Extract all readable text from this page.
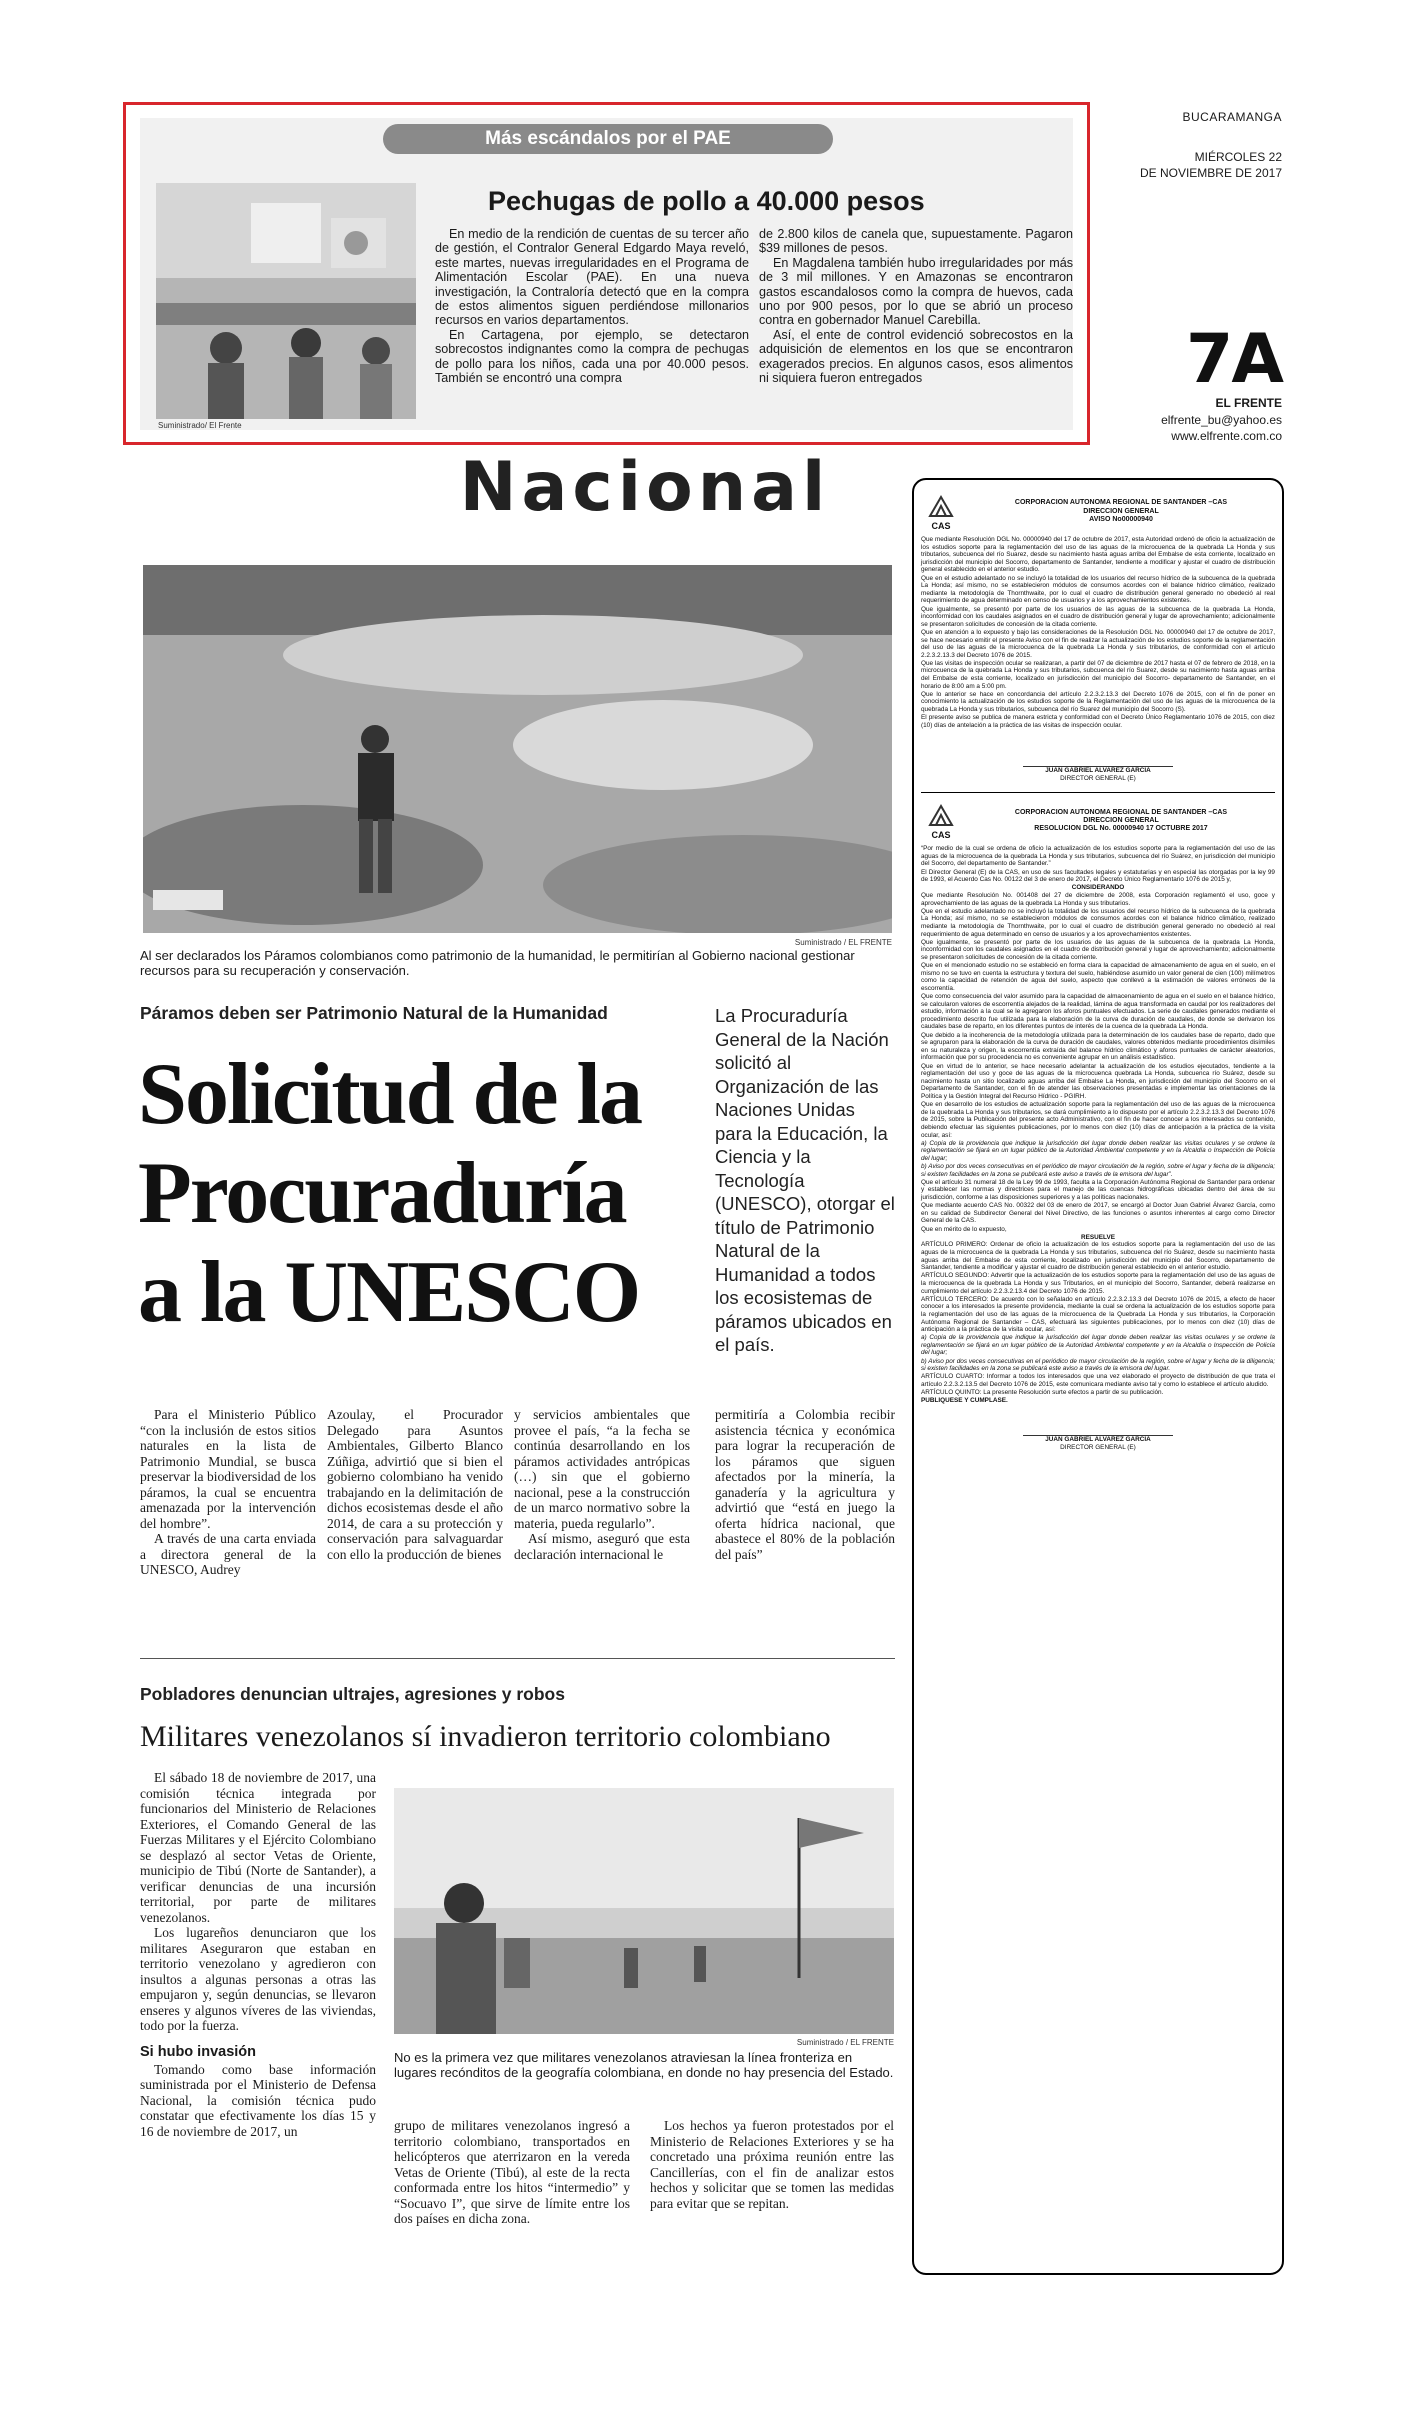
Más escándalos por el PAE
Suministrado/ El Frente
Pechugas de pollo a 40.000 pesos

En medio de la rendición de cuentas de su tercer año de gestión, el Contralor General Edgardo Maya reveló, este martes, nuevas irregularidades en el Programa de Alimentación Escolar (PAE). En una nueva investigación, la Contraloría detectó que en la compra de estos alimentos siguen perdiéndose millonarios recursos en varios departamentos.

En Cartagena, por ejemplo, se detectaron sobrecostos indignantes como la compra de pechugas de pollo para los niños, cada una por 40.000 pesos. También se encontró una compra

de 2.800 kilos de canela que, supuestamente. Pagaron $39 millones de pesos.

En Magdalena también hubo irregularidades por más de 3 mil millones. Y en Amazonas se encontraron gastos escandalosos como la compra de huevos, cada uno por 900 pesos, por lo que se abrió un proceso contra en gobernador Manuel Carebilla.

Así, el ente de control evidenció sobrecostos en la adquisición de elementos en los que se encontraron exagerados precios. En algunos casos, esos alimentos ni siquiera fueron entregados

BUCARAMANGA
MIÉRCOLES 22
DE NOVIEMBRE DE 2017
7A
EL FRENTE
elfrente_bu@yahoo.es
www.elfrente.com.co
Nacional
Suministrado / EL FRENTE
Al ser declarados los Páramos colombianos como patrimonio de la humanidad, le permitirían al Gobierno nacional gestionar recursos para su recuperación y conservación.
Páramos deben ser Patrimonio Natural de la Humanidad
Solicitud de la
Procuraduría
a la UNESCO
La Procuraduría General de la Nación solicitó al Organización de las Naciones Unidas para la Educación, la Ciencia y la Tecnología (UNESCO), otorgar el título de Patrimonio Natural de la Humanidad a todos los ecosistemas de páramos ubicados en el país.

Para el Ministerio Público “con la inclusión de estos sitios naturales en la lista de Patrimonio Mundial, se busca preservar la biodiversidad de los páramos, la cual se encuentra amenazada por la intervención del hombre”.

A través de una carta enviada a directora general de la UNESCO, Audrey

Azoulay, el Procurador Delegado para Asuntos Ambientales, Gilberto Blanco Zúñiga, advirtió que si bien el gobierno colombiano ha venido trabajando en la delimitación de dichos ecosistemas desde el año 2014, de cara a su protección y conservación para salvaguardar con ello la producción de bienes

y servicios ambientales que provee el país, “a la fecha se continúa desarrollando en los páramos actividades antrópicas (…) sin que el gobierno nacional, pese a la construcción de un marco normativo sobre la materia, pueda regularlo”.

Así mismo, aseguró que esta declaración internacional le

permitiría a Colombia recibir asistencia técnica y económica para lograr la recuperación de los páramos que siguen afectados por la minería, la ganadería y la agricultura y advirtió que “está en juego la oferta hídrica nacional, que abastece el 80% de la población del país”

Pobladores denuncian ultrajes, agresiones y robos
Militares venezolanos sí invadieron territorio colombiano

El sábado 18 de noviembre de 2017, una comisión técnica integrada por funcionarios del Ministerio de Relaciones Exteriores, el Comando General de las Fuerzas Militares y el Ejército Colombiano se desplazó al sector Vetas de Oriente, municipio de Tibú (Norte de Santander), a verificar denuncias de una incursión territorial, por parte de militares venezolanos.

Los lugareños denunciaron que los militares Aseguraron que estaban en territorio venezolano y agredieron con insultos a algunas personas a otras las empujaron y, según denuncias, se llevaron enseres y algunos víveres de las viviendas, todo por la fuerza.

Si hubo invasión

Tomando como base información suministrada por el Ministerio de Defensa Nacional, la comisión técnica pudo constatar que efectivamente los días 15 y 16 de noviembre de 2017, un

Suministrado / EL FRENTE
No es la primera vez que militares venezolanos atraviesan la línea fronteriza en lugares recónditos de la geografía colombiana, en donde no hay presencia del Estado.

grupo de militares venezolanos ingresó a territorio colombiano, transportados en helicópteros que aterrizaron en la vereda Vetas de Oriente (Tibú), al este de la recta conformada entre los hitos “intermedio” y “Socuavo I”, que sirve de límite entre los dos países en dicha zona.

Los hechos ya fueron protestados por el Ministerio de Relaciones Exteriores y se ha concretado una próxima reunión entre las Cancillerías, con el fin de analizar estos hechos y solicitar que se tomen las medidas para evitar que se repitan.

CAS
CORPORACION AUTONOMA REGIONAL DE SANTANDER –CAS
DIRECCION GENERAL
AVISO No00000940

Que mediante Resolución DGL No. 00000940 del 17 de octubre de 2017, esta Autoridad ordenó de oficio la actualización de los estudios soporte para la reglamentación del uso de las aguas de la microcuenca de la quebrada La Honda y sus tributarios, subcuenca del río Suarez, desde su nacimiento hasta aguas arriba del Embalse de esta corriente, localizado en jurisdicción del municipio del Socorro, departamento de Santander, tendiente a modificar y ajustar el cuadro de distribución general establecido en el anterior estudio.

Que en el estudio adelantado no se incluyó la totalidad de los usuarios del recurso hídrico de la subcuenca de la quebrada La Honda; así mismo, no se establecieron módulos de consumos acordes con el balance hídrico climático, realizado mediante la metodología de Thornthwaite, por lo cual el cuadro de distribución general generado no obedeció al real requerimiento de agua determinado en censo de usuarios y a los aprovechamientos existentes.

Que igualmente, se presentó por parte de los usuarios de las aguas de la subcuenca de la quebrada La Honda, inconformidad con los caudales asignados en el cuadro de distribución general y lugar de aprovechamiento; adicionalmente se presentaron solicitudes de concesión de la citada corriente.

Que en atención a lo expuesto y bajo las consideraciones de la Resolución DGL No. 00000940 del 17 de octubre de 2017, se hace necesario emitir el presente Aviso con el fin de realizar la actualización de los estudios soporte de la reglamentación del uso de las aguas de la microcuenca de la quebrada La Honda y sus tributarios, de conformidad con el artículo 2.2.3.2.13.3 del Decreto 1076 de 2015.

Que las visitas de inspección ocular se realizaran, a partir del 07 de diciembre de 2017 hasta el 07 de febrero de 2018, en la microcuenca de la quebrada La Honda y sus tributarios, subcuenca del río Suarez, desde su nacimiento hasta aguas arriba del Embalse de esta corriente, localizado en jurisdicción del municipio del Socorro- departamento de Santander, en el horario de 8:00 am a 5:00 pm.

Que lo anterior se hace en concordancia del artículo 2.2.3.2.13.3 del Decreto 1076 de 2015, con el fin de poner en conocimiento la actualización de los estudios soporte de la Reglamentación del uso de las aguas de la microcuenca de la quebrada La Honda y sus tributarios, subcuenca del río Suarez del municipio del Socorro (S).

El presente aviso se publica de manera estricta y conformidad con el Decreto Único Reglamentario 1076 de 2015, con diez (10) días de antelación a la práctica de las visitas de inspección ocular.

JUAN GABRIEL ALVAREZ GARCIA
DIRECTOR GENERAL (E)
CAS
CORPORACION AUTONOMA REGIONAL DE SANTANDER –CAS
DIRECCION GENERAL
RESOLUCION DGL No. 00000940 17 OCTUBRE 2017

“Por medio de la cual se ordena de oficio la actualización de los estudios soporte para la reglamentación del uso de las aguas de la microcuenca de la quebrada La Honda y sus tributarios, subcuenca del río Suárez, en jurisdicción del municipio del Socorro, del departamento de Santander.”

El Director General (E) de la CAS, en uso de sus facultades legales y estatutarias y en especial las otorgadas por la ley 99 de 1993, el Acuerdo Cas No. 00122 del 3 de enero de 2017, el Decreto Único Reglamentario 1076 de 2015 y,

CONSIDERANDO

Que mediante Resolución No. 001408 del 27 de diciembre de 2008, esta Corporación reglamentó el uso, goce y aprovechamiento de las aguas de la quebrada La Honda y sus tributarios.

Que en el estudio adelantado no se incluyó la totalidad de los usuarios del recurso hídrico de la subcuenca de la quebrada La Honda; así mismo, no se establecieron módulos de consumos acordes con el balance hídrico climático, realizado mediante la metodología de Thornthwaite, por lo cual el cuadro de distribución general generado no obedeció al real requerimiento de agua determinado en censo de usuarios y a los aprovechamientos existentes.

Que igualmente, se presentó por parte de los usuarios de las aguas de la subcuenca de la quebrada La Honda, inconformidad con los caudales asignados en el cuadro de distribución general y lugar de aprovechamiento; adicionalmente se presentaron solicitudes de concesión de la citada corriente.

Que en el mencionado estudio no se estableció en forma clara la capacidad de almacenamiento de agua en el suelo, en el mismo no se tuvo en cuenta la estructura y textura del suelo, habiéndose asumido un valor general de cien (100) milímetros como la capacidad de retención de agua del suelo, aspecto que conllevó a la estimación de valores erróneos de la escorrentía.

Que como consecuencia del valor asumido para la capacidad de almacenamiento de agua en el suelo en el balance hídrico, se calcularon valores de escorrentía alejados de la realidad, lámina de agua transformada en caudal por los realizadores del estudio, información a la cual se le agregaron los aforos puntuales efectuados. La serie de caudales generados mediante el procedimiento descrito fue utilizada para la elaboración de la curva de duración de caudales, de donde se derivaron los caudales base de reparto, en los diferentes puntos de interés de la cuenca de la quebrada La Honda.

Que debido a la incoherencia de la metodología utilizada para la determinación de los caudales base de reparto, dado que se agruparon para la elaboración de la curva de duración de caudales, valores obtenidos mediante procedimientos disímiles en su naturaleza y origen, la escorrentía extraída del balance hídrico climático y aforos puntuales de carácter aleatorios, información que por su procedencia no es conveniente agrupar en un análisis estadístico.

Que en virtud de lo anterior, se hace necesario adelantar la actualización de los estudios ejecutados, tendiente a la reglamentación del uso y goce de las aguas de la microcuenca quebrada La Honda, subcuenca río Suárez, desde su nacimiento hasta un sitio localizado aguas arriba del Embalse La Honda, en jurisdicción del municipio del Socorro en el Departamento de Santander, con el fin de atender las observaciones presentadas e implementar las orientaciones de la Política y la Gestión Integral del Recurso Hídrico - PGIRH.

Que en desarrollo de los estudios de actualización soporte para la reglamentación del uso de las aguas de la microcuenca de la quebrada La Honda y sus tributarios, se dará cumplimiento a lo dispuesto por el artículo 2.2.3.2.13.3 del Decreto 1076 de 2015, sobre la Publicación del presente acto Administrativo, con el fin de hacer conocer a los interesados su contenido, debiendo efectuar las siguientes publicaciones, por lo menos con diez (10) días de anticipación a la práctica de la visita ocular, así:

a) Copia de la providencia que indique la jurisdicción del lugar donde deben realizar las visitas oculares y se ordene la reglamentación se fijará en un lugar público de la Autoridad Ambiental competente y en la Alcaldía o Inspección de Policía del lugar;

b) Aviso por dos veces consecutivas en el periódico de mayor circulación de la región, sobre el lugar y fecha de la diligencia; si existen facilidades en la zona se publicará este aviso a través de la emisora del lugar”.

Que el artículo 31 numeral 18 de la Ley 99 de 1993, faculta a la Corporación Autónoma Regional de Santander para ordenar y establecer las normas y directrices para el manejo de las cuencas hidrográficas ubicadas dentro del área de su jurisdicción, conforme a las disposiciones superiores y a las políticas nacionales.

Que mediante acuerdo CAS No. 00322 del 03 de enero de 2017, se encargó al Doctor Juan Gabriel Álvarez García, como en su calidad de Subdirector General del Nivel Directivo, de las funciones o asuntos inherentes al cargo como Director General de la CAS.

Que en mérito de lo expuesto,

RESUELVE

ARTÍCULO PRIMERO: Ordenar de oficio la actualización de los estudios soporte para la reglamentación del uso de las aguas de la microcuenca de la quebrada La Honda y sus tributarios, subcuenca del río Suárez, desde su nacimiento hasta aguas arriba del Embalse de esta corriente, localizado en jurisdicción del municipio del Socorro, departamento de Santander, tendiente a modificar y ajustar el cuadro de distribución general establecido en el anterior estudio.

ARTÍCULO SEGUNDO: Advertir que la actualización de los estudios soporte para la reglamentación del uso de las aguas de la microcuenca de la quebrada La Honda y sus Tributarios, en el municipio del Socorro, Santander, deberá realizarse en cumplimiento del artículo 2.2.3.2.13.4 del Decreto 1076 de 2015.

ARTÍCULO TERCERO: De acuerdo con lo señalado en artículo 2.2.3.2.13.3 del Decreto 1076 de 2015, a efecto de hacer conocer a los interesados la presente providencia, mediante la cual se ordena la actualización de los estudios soporte para la reglamentación del uso de las aguas de la microcuenca de la Quebrada La Honda y sus tributarios, la Corporación Autónoma Regional de Santander – CAS, efectuará las siguientes publicaciones, por lo menos con diez (10) días de anticipación a la práctica de la visita ocular, así:

a) Copia de la providencia que indique la jurisdicción del lugar donde deben realizar las visitas oculares y se ordene la reglamentación se fijará en un lugar público de la Autoridad Ambiental competente y en la Alcaldía o Inspección de Policía del lugar;

b) Aviso por dos veces consecutivas en el periódico de mayor circulación de la región, sobre el lugar y fecha de la diligencia; si existen facilidades en la zona se publicará este aviso a través de la emisora del lugar.

ARTÍCULO CUARTO: Informar a todos los interesados que una vez elaborado el proyecto de distribución de que trata el artículo 2.2.3.2.13.5 del Decreto 1076 de 2015, este comunicara mediante aviso tal y como lo establece el artículo aludido.

ARTÍCULO QUINTO: La presente Resolución surte efectos a partir de su publicación.

PUBLIQUESE Y CUMPLASE.
JUAN GABRIEL ALVAREZ GARCIA
DIRECTOR GENERAL (E)
